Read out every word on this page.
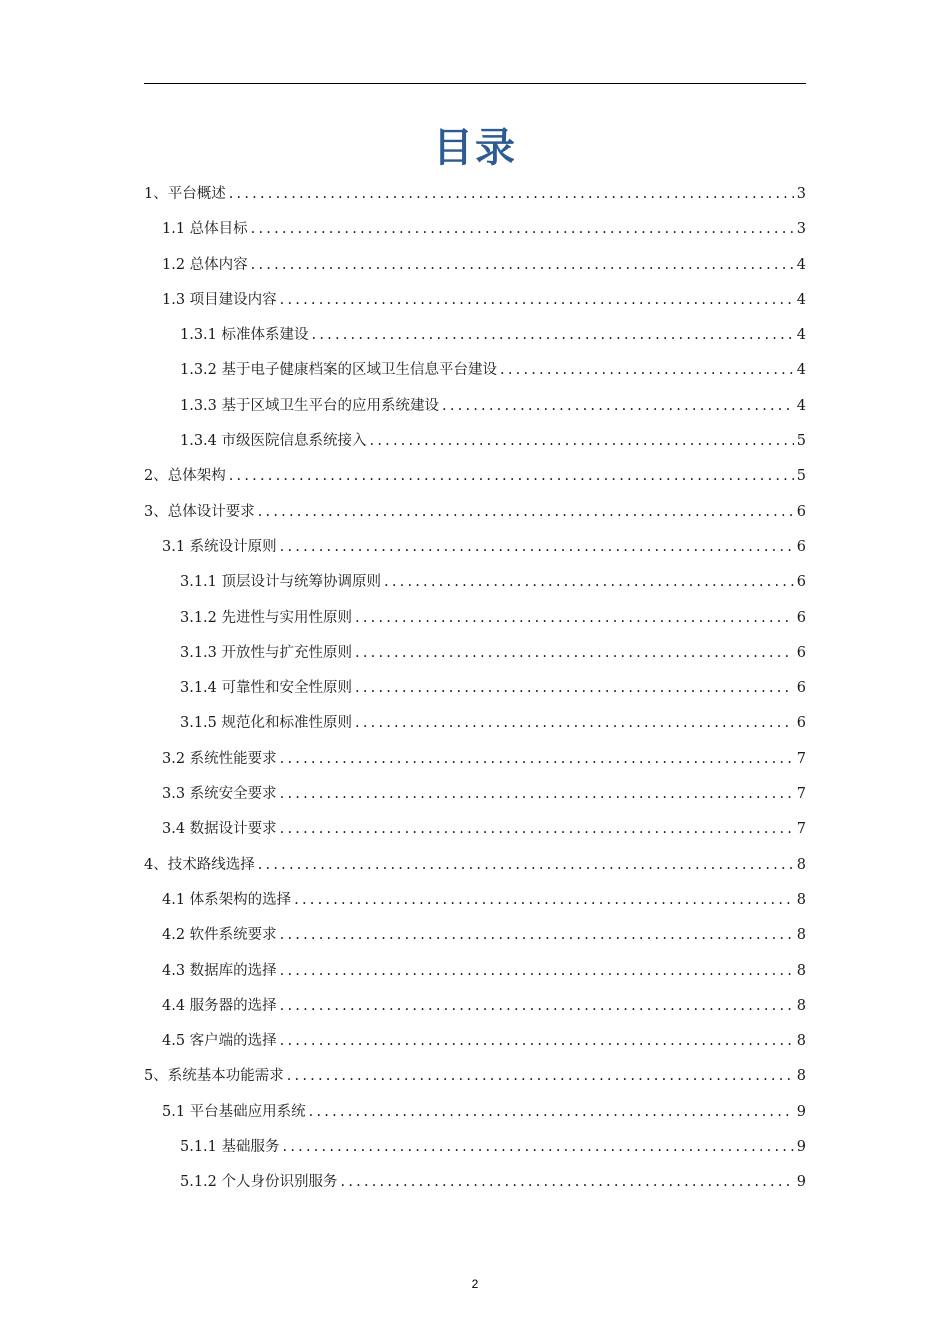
目录
1、平台概述 .....	3
1.1 总体目标 .....	3
1.2 总体内容 .....	4
1.3 项目建设内容 .....	4
1.3.1 标准体系建设 .....	4
1.3.2 基于电子健康档案的区域卫生信息平台建设 .....	4
1.3.3 基于区域卫生平台的应用系统建设 .....	4
1.3.4 市级医院信息系统接入 .....	5
2、总体架构 .....	5
3、总体设计要求 .....	6
3.1 系统设计原则 .....	6
3.1.1 顶层设计与统筹协调原则 .....	6
3.1.2 先进性与实用性原则 .....	6
3.1.3 开放性与扩充性原则 .....	6
3.1.4 可靠性和安全性原则 .....	6
3.1.5 规范化和标准性原则 .....	6
3.2 系统性能要求 .....	7
3.3 系统安全要求 .....	7
3.4 数据设计要求 .....	7
4、技术路线选择 .....	8
4.1 体系架构的选择 .....	8
4.2 软件系统要求 .....	8
4.3 数据库的选择 .....	8
4.4 服务器的选择 .....	8
4.5 客户端的选择 .....	8
5、系统基本功能需求 .....	8
5.1 平台基础应用系统 .....	9
5.1.1 基础服务 .....	9
5.1.2 个人身份识别服务 .....	9
2
